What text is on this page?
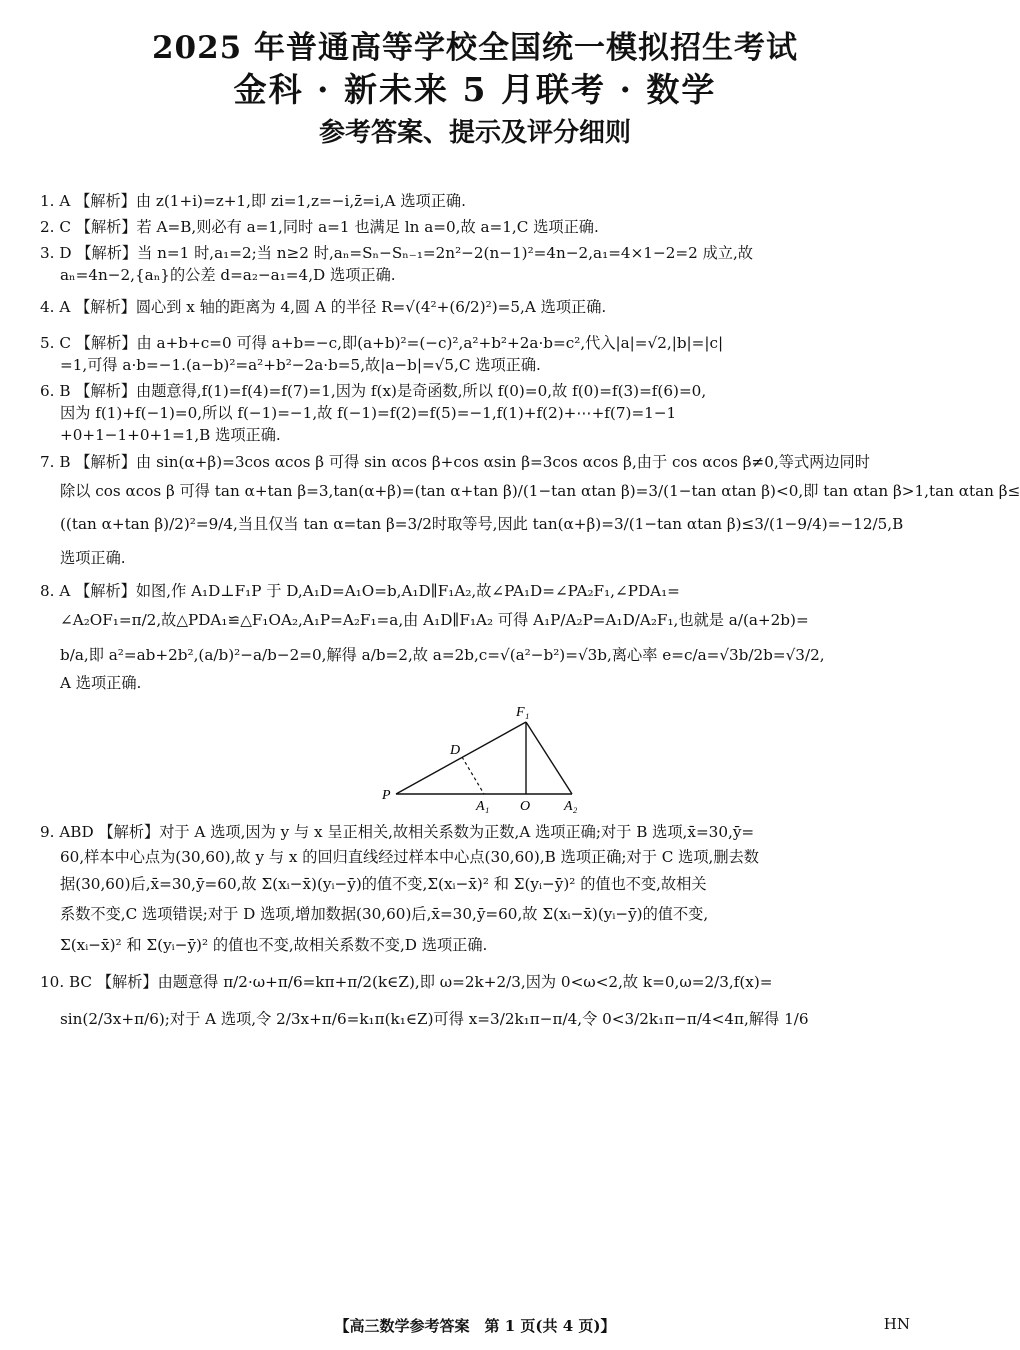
2025 年普通高等学校全国统一模拟招生考试
金科 · 新未来 5 月联考 · 数学
参考答案、提示及评分细则
1. A 【解析】由 z(1+i)=z+1,即 zi=1,z=−i,z̄=i,A 选项正确.
2. C 【解析】若 A=B,则必有 a=1,同时 a=1 也满足 ln a=0,故 a=1,C 选项正确.
3. D 【解析】当 n=1 时,a₁=2;当 n≥2 时,aₙ=Sₙ−Sₙ₋₁=2n²−2(n−1)²=4n−2,a₁=4×1−2=2 成立,故
aₙ=4n−2,{aₙ}的公差 d=a₂−a₁=4,D 选项正确.
4. A 【解析】圆心到 x 轴的距离为 4,圆 A 的半径 R=√(4²+(6/2)²)=5,A 选项正确.
5. C 【解析】由 a+b+c=0 可得 a+b=−c,即(a+b)²=(−c)²,a²+b²+2a·b=c²,代入|a|=√2,|b|=|c|
=1,可得 a·b=−1.(a−b)²=a²+b²−2a·b=5,故|a−b|=√5,C 选项正确.
6. B 【解析】由题意得,f(1)=f(4)=f(7)=1,因为 f(x)是奇函数,所以 f(0)=0,故 f(0)=f(3)=f(6)=0,
因为 f(1)+f(−1)=0,所以 f(−1)=−1,故 f(−1)=f(2)=f(5)=−1,f(1)+f(2)+⋯+f(7)=1−1
+0+1−1+0+1=1,B 选项正确.
7. B 【解析】由 sin(α+β)=3cos αcos β 可得 sin αcos β+cos αsin β=3cos αcos β,由于 cos αcos β≠0,等式两边同时
除以 cos αcos β 可得 tan α+tan β=3,tan(α+β)=(tan α+tan β)/(1−tan αtan β)=3/(1−tan αtan β)<0,即 tan αtan β>1,tan αtan β≤
((tan α+tan β)/2)²=9/4,当且仅当 tan α=tan β=3/2时取等号,因此 tan(α+β)=3/(1−tan αtan β)≤3/(1−9/4)=−12/5,B
选项正确.
8. A 【解析】如图,作 A₁D⊥F₁P 于 D,A₁D=A₁O=b,A₁D∥F₁A₂,故∠PA₁D=∠PA₂F₁,∠PDA₁=
∠A₂OF₁=π/2,故△PDA₁≌△F₁OA₂,A₁P=A₂F₁=a,由 A₁D∥F₁A₂ 可得 A₁P/A₂P=A₁D/A₂F₁,也就是 a/(a+2b)=
b/a,即 a²=ab+2b²,(a/b)²−a/b−2=0,解得 a/b=2,故 a=2b,c=√(a²−b²)=√3b,离心率 e=c/a=√3b/2b=√3/2,
A 选项正确.
F₁
D
P
A₁ O A₂
9. ABD 【解析】对于 A 选项,因为 y 与 x 呈正相关,故相关系数为正数,A 选项正确;对于 B 选项,x̄=30,ȳ=
60,样本中心点为(30,60),故 y 与 x 的回归直线经过样本中心点(30,60),B 选项正确;对于 C 选项,删去数
据(30,60)后,x̄=30,ȳ=60,故 Σ(xᵢ−x̄)(yᵢ−ȳ)的值不变,Σ(xᵢ−x̄)² 和 Σ(yᵢ−ȳ)² 的值也不变,故相关
系数不变,C 选项错误;对于 D 选项,增加数据(30,60)后,x̄=30,ȳ=60,故 Σ(xᵢ−x̄)(yᵢ−ȳ)的值不变,
Σ(xᵢ−x̄)² 和 Σ(yᵢ−ȳ)² 的值也不变,故相关系数不变,D 选项正确.
10. BC 【解析】由题意得 π/2·ω+π/6=kπ+π/2(k∈Z),即 ω=2k+2/3,因为 0<ω<2,故 k=0,ω=2/3,f(x)=
sin(2/3x+π/6);对于 A 选项,令 2/3x+π/6=k₁π(k₁∈Z)可得 x=3/2k₁π−π/4,令 0<3/2k₁π−π/4<4π,解得 1/6
【高三数学参考答案　第 1 页(共 4 页)】	HN
